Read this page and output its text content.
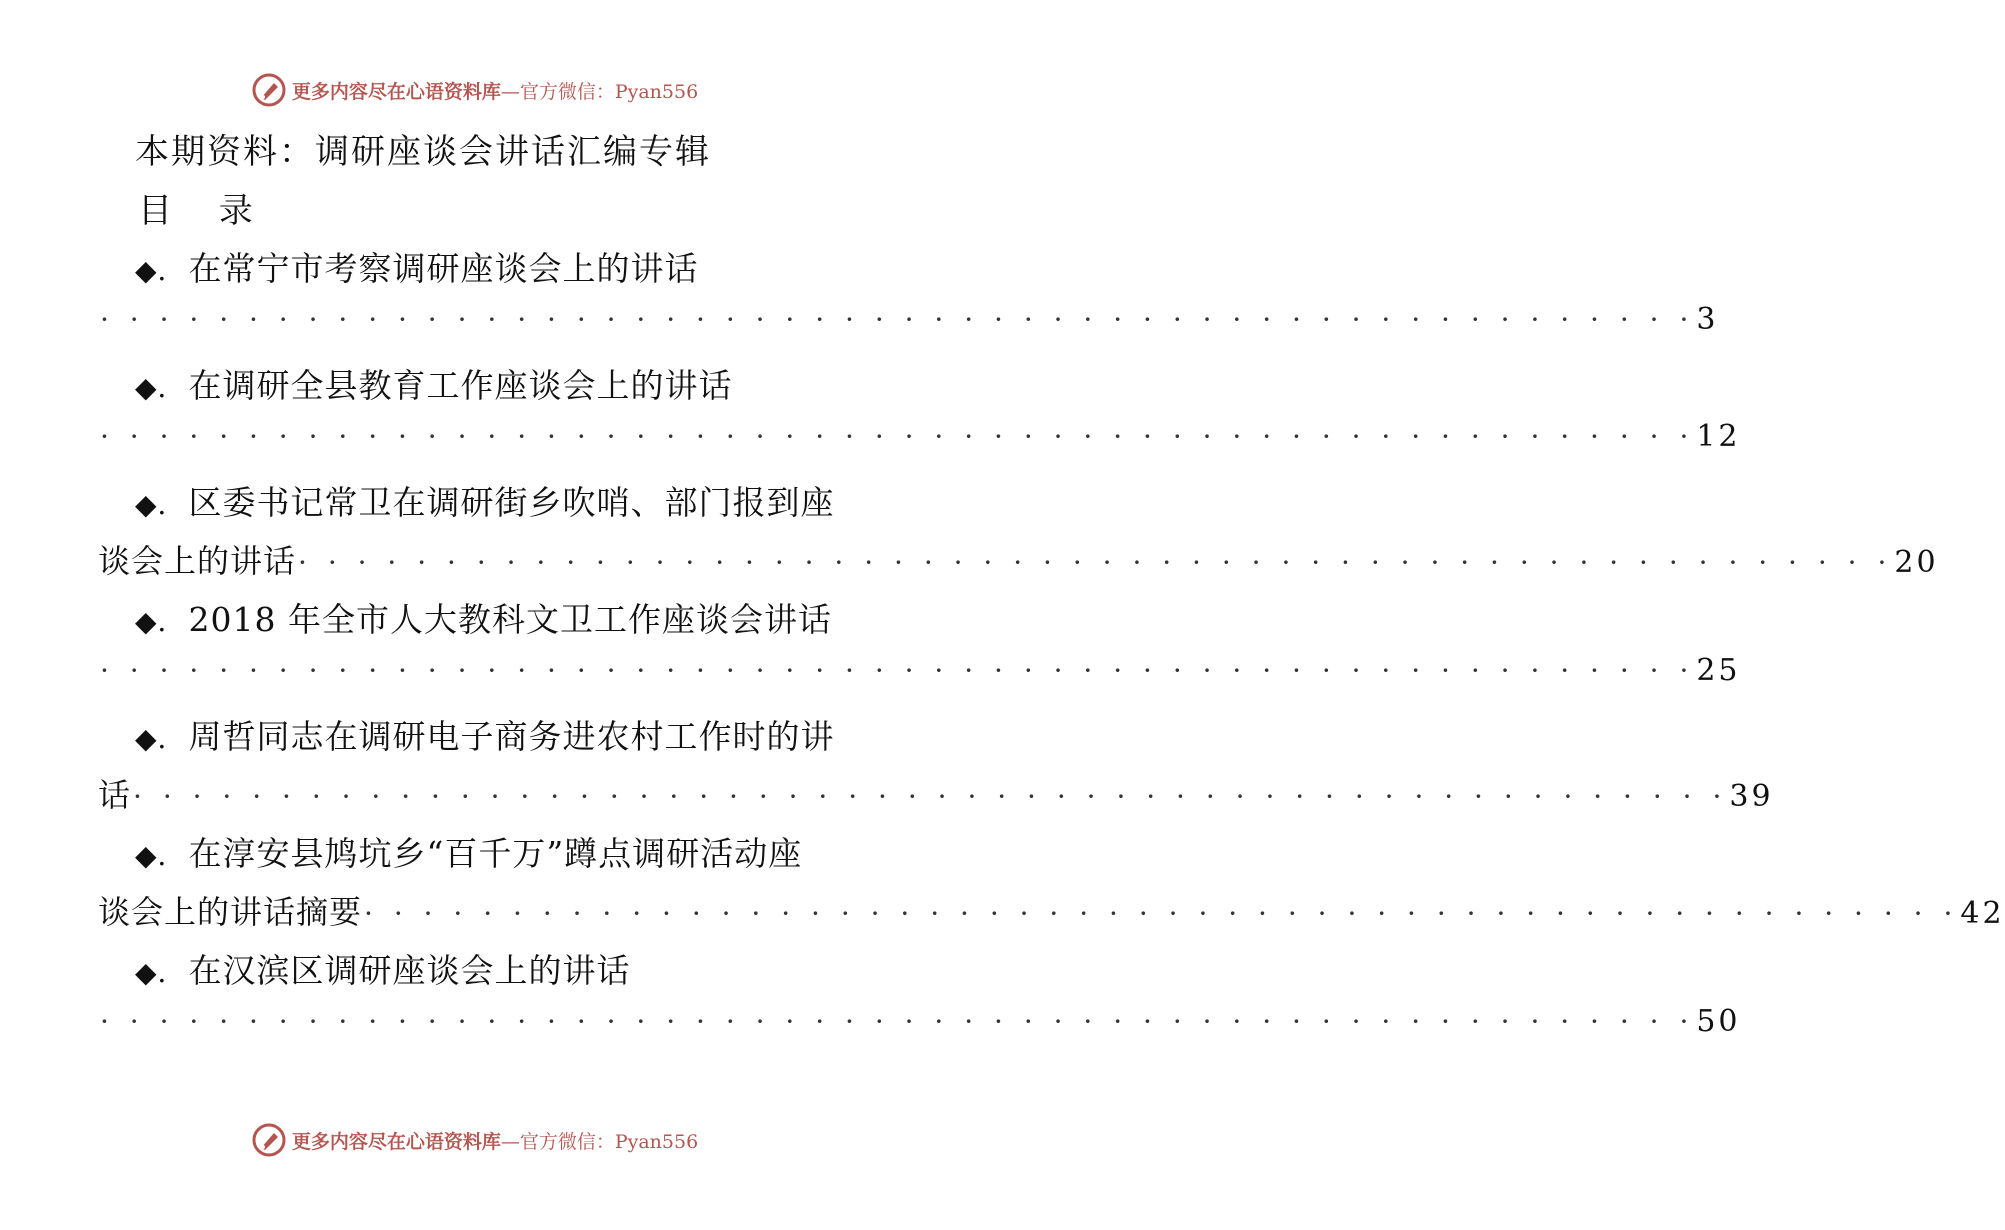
更多内容尽在心语资料库 —官方微信：Pyan556
本期资料：调研座谈会讲话汇编专辑
目 录
◆．在常宁市考察调研座谈会上的讲话
· · · · · · · · · · · · · · · · · · · · · · · · · · · · · · · · · · · · · · · · · · · · · · · · · · · · · · 3
◆．在调研全县教育工作座谈会上的讲话
· · · · · · · · · · · · · · · · · · · · · · · · · · · · · · · · · · · · · · · · · · · · · · · · · · · · · · 12
◆．区委书记常卫在调研街乡吹哨、部门报到座
谈会上的讲话 · · · · · · · · · · · · · · · · · · · · · · · · · · · · · · · · · · · · · · · · · · · · · · · · · · · · · · 20
◆．2018 年全市人大教科文卫工作座谈会讲话
· · · · · · · · · · · · · · · · · · · · · · · · · · · · · · · · · · · · · · · · · · · · · · · · · · · · · · 25
◆．周哲同志在调研电子商务进农村工作时的讲
话 · · · · · · · · · · · · · · · · · · · · · · · · · · · · · · · · · · · · · · · · · · · · · · · · · · · · · · 39
◆．在淳安县鸠坑乡“百千万”蹲点调研活动座
谈会上的讲话摘要 · · · · · · · · · · · · · · · · · · · · · · · · · · · · · · · · · · · · · · · · · · · · · · · · · · · · · · 42
◆．在汉滨区调研座谈会上的讲话
· · · · · · · · · · · · · · · · · · · · · · · · · · · · · · · · · · · · · · · · · · · · · · · · · · · · · · 50
更多内容尽在心语资料库 —官方微信：Pyan556
